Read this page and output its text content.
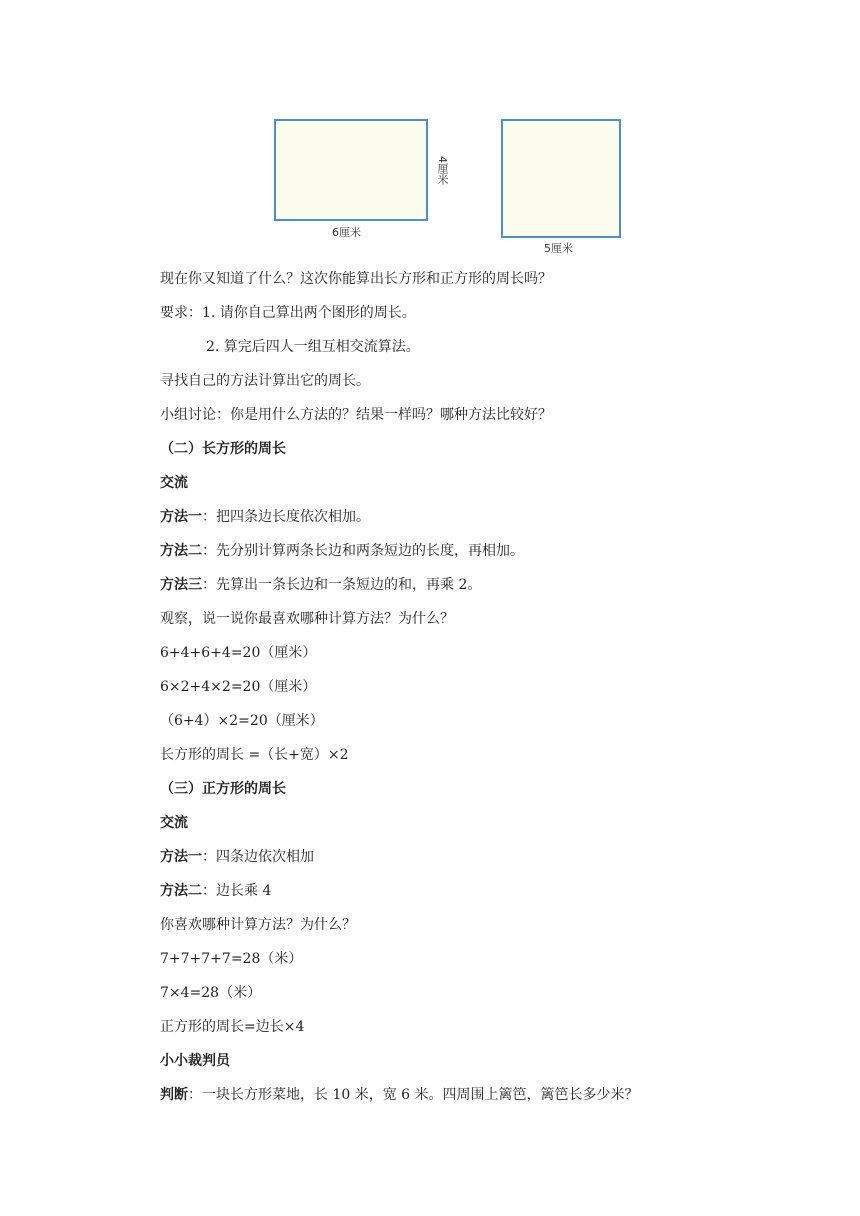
4厘米
6厘米
5厘米
现在你又知道了什么？这次你能算出长方形和正方形的周长吗？
要求：1. 请你自己算出两个图形的周长。
2. 算完后四人一组互相交流算法。
寻找自己的方法计算出它的周长。
小组讨论：你是用什么方法的？结果一样吗？哪种方法比较好？
（二）长方形的周长
交流
方法一：把四条边长度依次相加。
方法二：先分别计算两条长边和两条短边的长度，再相加。
方法三：先算出一条长边和一条短边的和，再乘 2。
观察，说一说你最喜欢哪种计算方法？为什么？
6+4+6+4=20（厘米）
6×2+4×2=20（厘米）
（6+4）×2=20（厘米）
长方形的周长 =（长+宽）×2
（三）正方形的周长
交流
方法一：四条边依次相加
方法二：边长乘 4
你喜欢哪种计算方法？为什么？
7+7+7+7=28（米）
7×4=28（米）
正方形的周长=边长×4
小小裁判员
判断：一块长方形菜地，长 10 米，宽 6 米。四周围上篱笆，篱笆长多少米？
